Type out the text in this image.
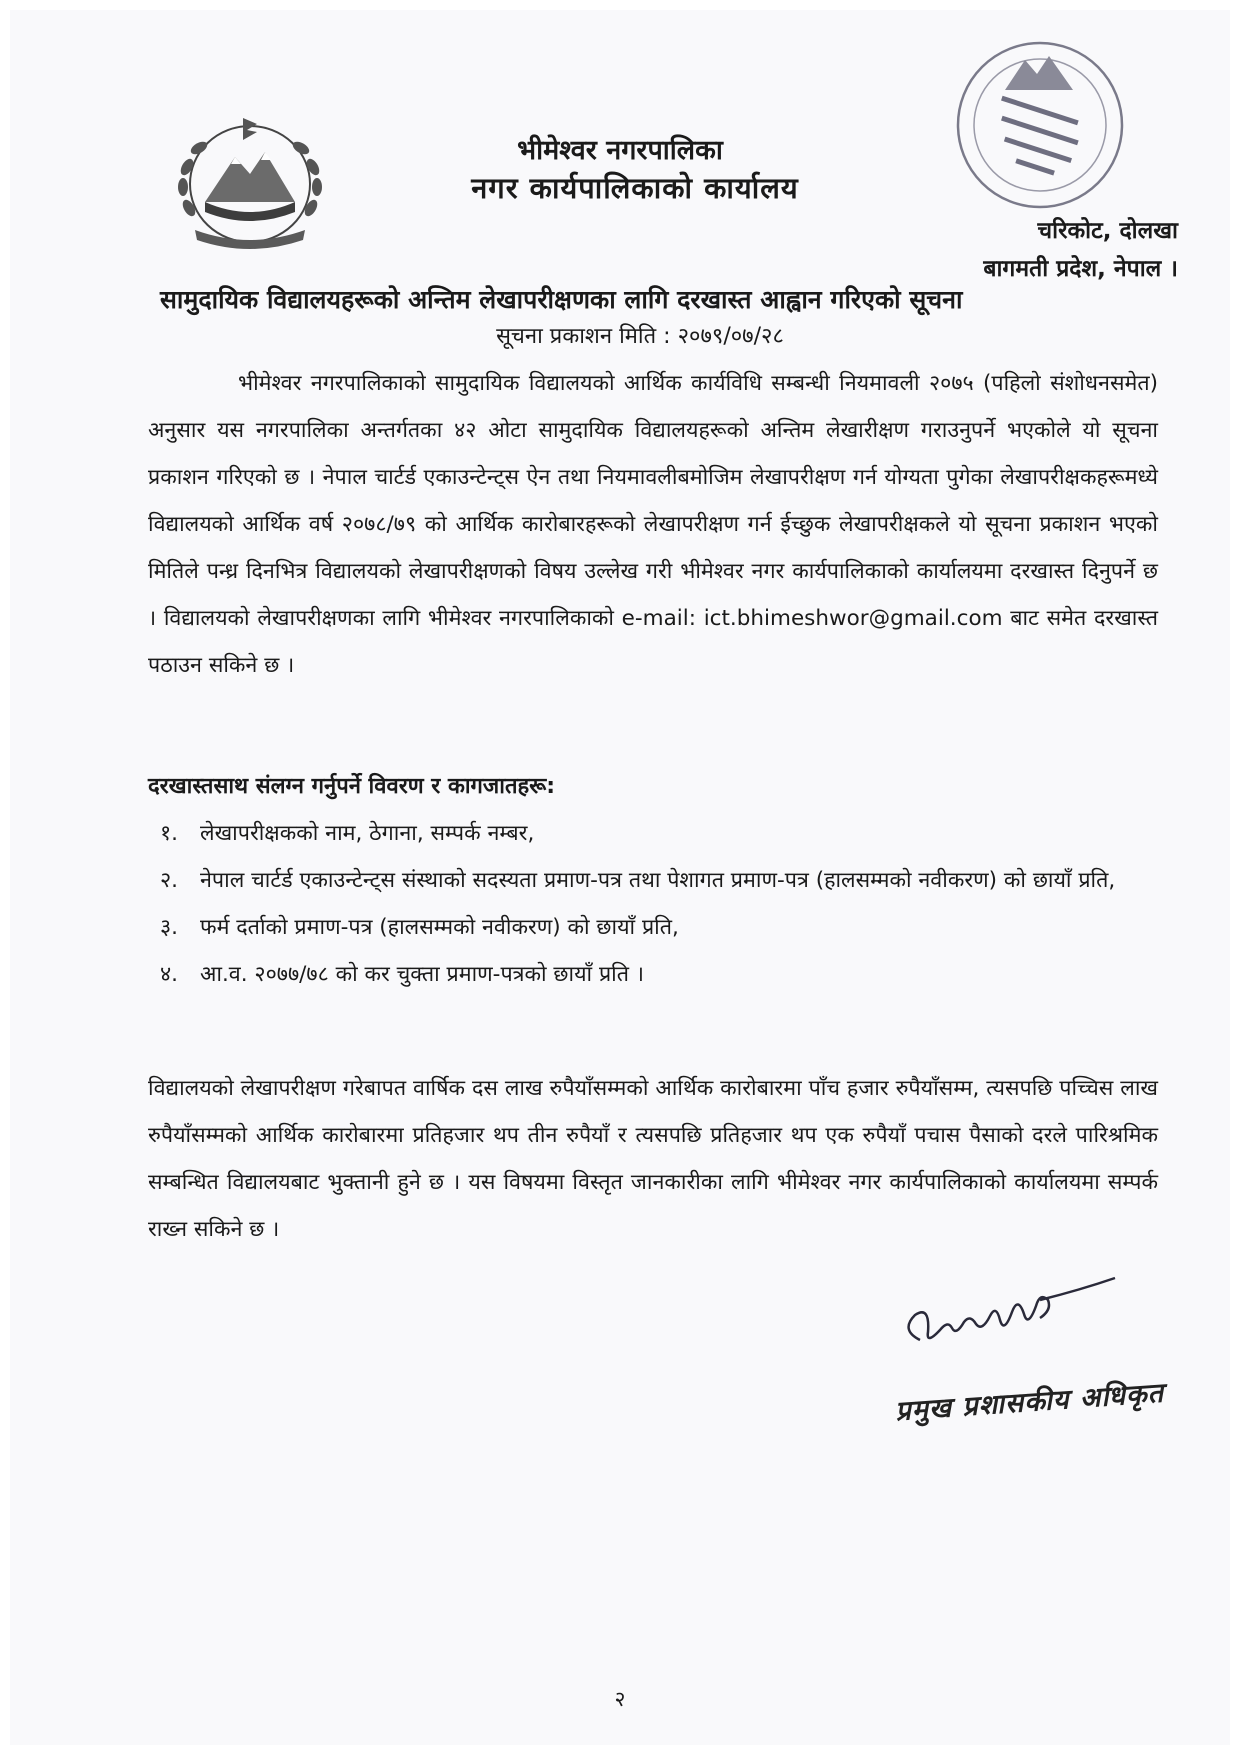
भीमेश्वर नगरपालिका
नगर कार्यपालिकाको कार्यालय
चरिकोट, दोलखा
बागमती प्रदेश, नेपाल ।
सामुदायिक विद्यालयहरूको अन्तिम लेखापरीक्षणका लागि दरखास्त आह्वान गरिएको सूचना
सूचना प्रकाशन मिति : २०७९/०७/२८

भीमेश्वर नगरपालिकाको सामुदायिक विद्यालयको आर्थिक कार्यविधि सम्बन्धी नियमावली २०७५ (पहिलो संशोधनसमेत) अनुसार यस नगरपालिका अन्तर्गतका ४२ ओटा सामुदायिक विद्यालयहरूको अन्तिम लेखारीक्षण गराउनुपर्ने भएकोले यो सूचना प्रकाशन गरिएको छ । नेपाल चार्टर्ड एकाउन्टेन्ट्स ऐन तथा नियमावलीबमोजिम लेखापरीक्षण गर्न योग्यता पुगेका लेखापरीक्षकहरूमध्ये विद्यालयको आर्थिक वर्ष २०७८/७९ को आर्थिक कारोबारहरूको लेखापरीक्षण गर्न ईच्छुक लेखापरीक्षकले यो सूचना प्रकाशन भएको मितिले पन्ध्र दिनभित्र विद्यालयको लेखापरीक्षणको विषय उल्लेख गरी भीमेश्वर नगर कार्यपालिकाको कार्यालयमा दरखास्त दिनुपर्ने छ । विद्यालयको लेखापरीक्षणका लागि भीमेश्वर नगरपालिकाको e-mail: ict.bhimeshwor@gmail.com बाट समेत दरखास्त पठाउन सकिने छ ।

दरखास्तसाथ संलग्न गर्नुपर्ने विवरण र कागजातहरू:
१.	लेखापरीक्षकको नाम, ठेगाना, सम्पर्क नम्बर,
२.	नेपाल चार्टर्ड एकाउन्टेन्ट्स संस्थाको सदस्यता प्रमाण-पत्र तथा पेशागत प्रमाण-पत्र (हालसम्मको नवीकरण) को छायाँ प्रति,
३.	फर्म दर्ताको प्रमाण-पत्र (हालसम्मको नवीकरण) को छायाँ प्रति,
४.	आ.व. २०७७/७८ को कर चुक्ता प्रमाण-पत्रको छायाँ प्रति ।

विद्यालयको लेखापरीक्षण गरेबापत वार्षिक दस लाख रुपैयाँसम्मको आर्थिक कारोबारमा पाँच हजार रुपैयाँसम्म, त्यसपछि पच्चिस लाख रुपैयाँसम्मको आर्थिक कारोबारमा प्रतिहजार थप तीन रुपैयाँ र त्यसपछि प्रतिहजार थप एक रुपैयाँ पचास पैसाको दरले पारिश्रमिक सम्बन्धित विद्यालयबाट भुक्तानी हुने छ । यस विषयमा विस्तृत जानकारीका लागि भीमेश्वर नगर कार्यपालिकाको कार्यालयमा सम्पर्क राख्न सकिने छ ।

प्रमुख प्रशासकीय अधिकृत
२
